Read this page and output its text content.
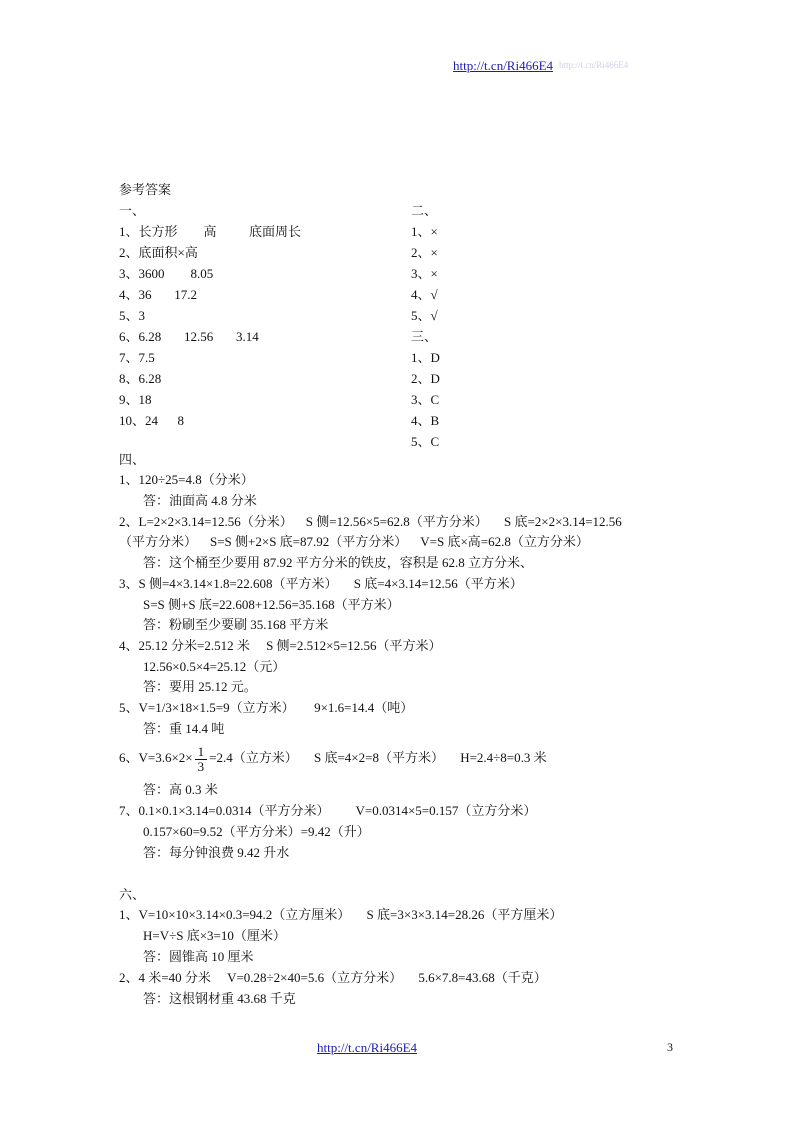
http://t.cn/Ri466E4 http://t.cn/Ri466E4
参考答案
一、
1、长方形        高          底面周长
2、底面积×高
3、3600        8.05
4、36       17.2
5、3
6、6.28       12.56       3.14
7、7.5
8、6.28
9、18
10、24      8
二、
1、×
2、×
3、×
4、√
5、√
三、
1、D
2、D
3、C
4、B
5、C
四、
1、120÷25=4.8（分米）
答：油面高 4.8 分米
2、L=2×2×3.14=12.56（分米）    S 侧=12.56×5=62.8（平方分米）     S 底=2×2×3.14=12.56
（平方分米）    S=S 侧+2×S 底=87.92（平方分米）    V=S 底×高=62.8（立方分米）
答：这个桶至少要用 87.92 平方分米的铁皮，容积是 62.8 立方分米、
3、S 侧=4×3.14×1.8=22.608（平方米）     S 底=4×3.14=12.56（平方米）
S=S 侧+S 底=22.608+12.56=35.168（平方米）
答：粉刷至少要刷 35.168 平方米
4、25.12 分米=2.512 米     S 侧=2.512×5=12.56（平方米）
12.56×0.5×4=25.12（元）
答：要用 25.12 元。
5、V=1/3×18×1.5=9（立方米）      9×1.6=14.4（吨）
答：重 14.4 吨
6、$V=3.6\times 2\times \frac{1}{3} =2.4$（立方米）     S 底=4×2=8（平方米）     H=2.4÷8=0.3 米
答：高 0.3 米
7、0.1×0.1×3.14=0.0314（平方分米）        V=0.0314×5=0.157（立方分米）
0.157×60=9.52（平方分米）=9.42（升）
答：每分钟浪费 9.42 升水
六、
1、V=10×10×3.14×0.3=94.2（立方厘米）     S 底=3×3×3.14=28.26（平方厘米）
H=V÷S 底×3=10（厘米）
答：圆锥高 10 厘米
2、4 米=40 分米     V=0.28÷2×40=5.6（立方分米）     5.6×7.8=43.68（千克）
答：这根钢材重 43.68 千克
http://t.cn/Ri466E4	3
